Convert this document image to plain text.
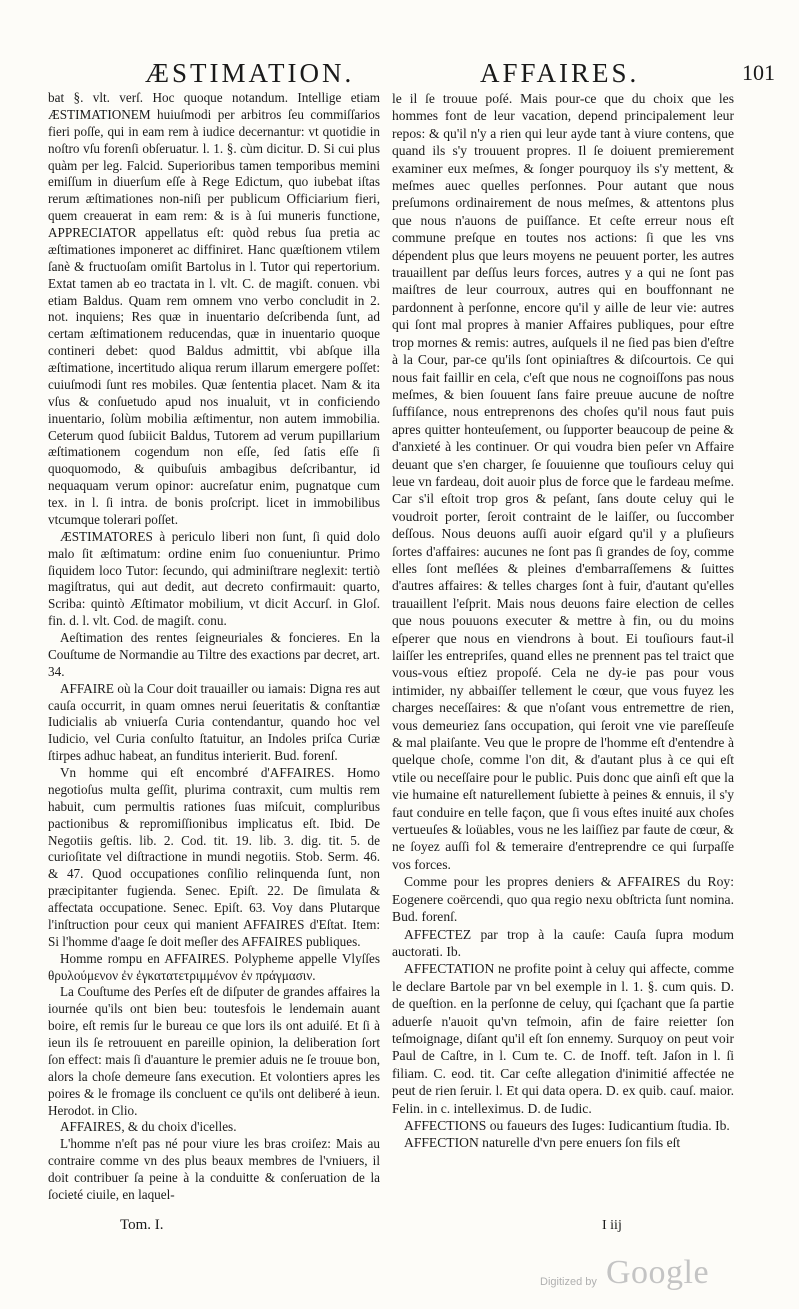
ÆSTIMATION.	AFFAIRES.	101

bat §. vlt. verſ. Hoc quoque notandum. Intellige etiam ÆSTIMATIONEM huiuſmodi per arbitros ſeu commiſſarios fieri poſſe, qui in eam rem à iudice decernantur: vt quotidie in noſtro vſu forenſi obſeruatur. l. 1. §. cùm dicitur. D. Si cui plus quàm per leg. Falcid. Superioribus tamen temporibus memini emiſſum in diuerſum eſſe à Rege Edictum, quo iubebat iſtas rerum æſtimationes non-niſi per publicum Officiarium fieri, quem creauerat in eam rem: & is à ſui muneris functione, APPRECIATOR appellatus eſt: quòd rebus ſua pretia ac æſtimationes imponeret ac diffiniret. Hanc quæſtionem vtilem ſanè & fructuoſam omiſit Bartolus in l. Tutor qui repertorium. Extat tamen ab eo tractata in l. vlt. C. de magiſt. conuen. vbi etiam Baldus. Quam rem omnem vno verbo concludit in 2. not. inquiens; Res quæ in inuentario deſcribenda ſunt, ad certam æſtimationem reducendas, quæ in inuentario quoque contineri debet: quod Baldus admittit, vbi abſque illa æſtimatione, incertitudo aliqua rerum illarum emergere poſſet: cuiuſmodi ſunt res mobiles. Quæ ſententia placet. Nam & ita vſus & conſuetudo apud nos inualuit, vt in conficiendo inuentario, ſolùm mobilia æſtimentur, non autem immobilia. Ceterum quod ſubiicit Baldus, Tutorem ad verum pupillarium æſtimationem cogendum non eſſe, ſed ſatis eſſe ſi quoquomodo, & quibuſuis ambagibus deſcribantur, id nequaquam verum opinor: aucreſatur enim, pugnatque cum tex. in l. ſi intra. de bonis proſcript. licet in immobilibus vtcumque tolerari poſſet.

ÆSTIMATORES à periculo liberi non ſunt, ſi quid dolo malo ſit æſtimatum: ordine enim ſuo conueniuntur. Primo ſiquidem loco Tutor: ſecundo, qui adminiſtrare neglexit: tertiò magiſtratus, qui aut dedit, aut decreto confirmauit: quarto, Scriba: quintò Æſtimator mobilium, vt dicit Accurſ. in Gloſ. fin. d. l. vlt. Cod. de magiſt. conu.

Aeſtimation des rentes ſeigneuriales & foncieres. En la Couſtume de Normandie au Tiltre des exactions par decret, art. 34.

AFFAIRE où la Cour doit trauailler ou iamais: Digna res aut cauſa occurrit, in quam omnes nerui ſeueritatis & conſtantiæ Iudicialis ab vniuerſa Curia contendantur, quando hoc vel Iudicio, vel Curia conſulto ſtatuitur, an Indoles priſca Curiæ ſtirpes adhuc habeat, an funditus interierit. Bud. forenſ.

Vn homme qui eſt encombré d'AFFAIRES. Homo negotioſus multa geſſit, plurima contraxit, cum multis rem habuit, cum permultis rationes ſuas miſcuit, compluribus pactionibus & repromiſſionibus implicatus eſt. Ibid. De Negotiis geſtis. lib. 2. Cod. tit. 19. lib. 3. dig. tit. 5. de curioſitate vel diſtractione in mundi negotiis. Stob. Serm. 46. & 47. Quod occupationes conſilio relinquenda ſunt, non præcipitanter fugienda. Senec. Epiſt. 22. De ſimulata & affectata occupatione. Senec. Epiſt. 63. Voy dans Plutarque l'inſtruction pour ceux qui manient AFFAIRES d'Eſtat. Item: Si l'homme d'aage ſe doit meſler des AFFAIRES publiques.

Homme rompu en AFFAIRES. Polypheme appelle Vlyſſes θρυλούμενον ἐν ἐγκατατετριμμένον ἐν πράγμασιν.

La Couſtume des Perſes eſt de diſputer de grandes affaires la iournée qu'ils ont bien beu: toutesfois le lendemain auant boire, eſt remis ſur le bureau ce que lors ils ont aduiſé. Et ſi à ieun ils ſe retrouuent en pareille opinion, la deliberation ſort ſon effect: mais ſi d'auanture le premier aduis ne ſe trouue bon, alors la choſe demeure ſans execution. Et volontiers apres les poires & le fromage ils concluent ce qu'ils ont deliberé à ieun. Herodot. in Clio.

AFFAIRES, & du choix d'icelles.

L'homme n'eſt pas né pour viure les bras croiſez: Mais au contraire comme vn des plus beaux membres de l'vniuers, il doit contribuer ſa peine à la conduitte & conſeruation de la ſocieté ciuile, en laquel-

le il ſe trouue poſé. Mais pour-ce que du choix que les hommes font de leur vacation, depend principalement leur repos: & qu'il n'y a rien qui leur ayde tant à viure contens, que quand ils s'y trouuent propres. Il ſe doiuent premierement examiner eux meſmes, & ſonger pourquoy ils s'y mettent, & meſmes auec quelles perſonnes. Pour autant que nous preſumons ordinairement de nous meſmes, & attentons plus que nous n'auons de puiſſance. Et ceſte erreur nous eſt commune preſque en toutes nos actions: ſi que les vns dépendent plus que leurs moyens ne peuuent porter, les autres trauaillent par deſſus leurs forces, autres y a qui ne ſont pas maiſtres de leur courroux, autres qui en bouffonnant ne pardonnent à perſonne, encore qu'il y aille de leur vie: autres qui ſont mal propres à manier Affaires publiques, pour eſtre trop mornes & remis: autres, auſquels il ne ſied pas bien d'eſtre à la Cour, par-ce qu'ils ſont opiniaſtres & diſcourtois. Ce qui nous fait faillir en cela, c'eſt que nous ne cognoiſſons pas nous meſmes, & bien ſouuent ſans faire preuue aucune de noſtre ſuffiſance, nous entreprenons des choſes qu'il nous faut puis apres quitter honteuſement, ou ſupporter beaucoup de peine & d'anxieté à les continuer. Or qui voudra bien peſer vn Affaire deuant que s'en charger, ſe ſouuienne que touſiours celuy qui leue vn fardeau, doit auoir plus de force que le fardeau meſme. Car s'il eſtoit trop gros & peſant, ſans doute celuy qui le voudroit porter, ſeroit contraint de le laiſſer, ou ſuccomber deſſous. Nous deuons auſſi auoir eſgard qu'il y a pluſieurs ſortes d'affaires: aucunes ne ſont pas ſi grandes de ſoy, comme elles ſont meſlées & pleines d'embarraſſemens & ſuittes d'autres affaires: & telles charges ſont à fuir, d'autant qu'elles trauaillent l'eſprit. Mais nous deuons faire election de celles que nous pouuons executer & mettre à fin, ou du moins eſperer que nous en viendrons à bout. Ei touſiours faut-il laiſſer les entrepriſes, quand elles ne prennent pas tel traict que vous-vous eſtiez propoſé. Cela ne dy-ie pas pour vous intimider, ny abbaiſſer tellement le cœur, que vous fuyez les charges neceſſaires: & que n'oſant vous entremettre de rien, vous demeuriez ſans occupation, qui ſeroit vne vie pareſſeuſe & mal plaiſante. Veu que le propre de l'homme eſt d'entendre à quelque choſe, comme l'on dit, & d'autant plus à ce qui eſt vtile ou neceſſaire pour le public. Puis donc que ainſi eſt que la vie humaine eſt naturellement ſubiette à peines & ennuis, il s'y faut conduire en telle façon, que ſi vous eſtes inuité aux choſes vertueuſes & loüables, vous ne les laiſſiez par faute de cœur, & ne ſoyez auſſi fol & temeraire d'entreprendre ce qui ſurpaſſe vos forces.

Comme pour les propres deniers & AFFAIRES du Roy: Eogenere coërcendi, quo qua regio nexu obſtricta ſunt nomina. Bud. forenſ.

AFFECTEZ par trop à la cauſe: Cauſa ſupra modum auctorati. Ib.

AFFECTATION ne profite point à celuy qui affecte, comme le declare Bartole par vn bel exemple in l. 1. §. cum quis. D. de queſtion. en la perſonne de celuy, qui ſçachant que ſa partie aduerſe n'auoit qu'vn teſmoin, afin de faire reietter ſon teſmoignage, diſant qu'il eſt ſon ennemy. Surquoy on peut voir Paul de Caſtre, in l. Cum te. C. de Inoff. teſt. Jaſon in l. ſi filiam. C. eod. tit. Car ceſte allegation d'inimitié affectée ne peut de rien ſeruir. l. Et qui data opera. D. ex quib. cauſ. maior. Felin. in c. intelleximus. D. de Iudic.

AFFECTIONS ou faueurs des Iuges: Iudicantium ſtudia. Ib.

AFFECTION naturelle d'vn pere enuers ſon fils eſt

Tom. I.	I iij
Digitized by Google
